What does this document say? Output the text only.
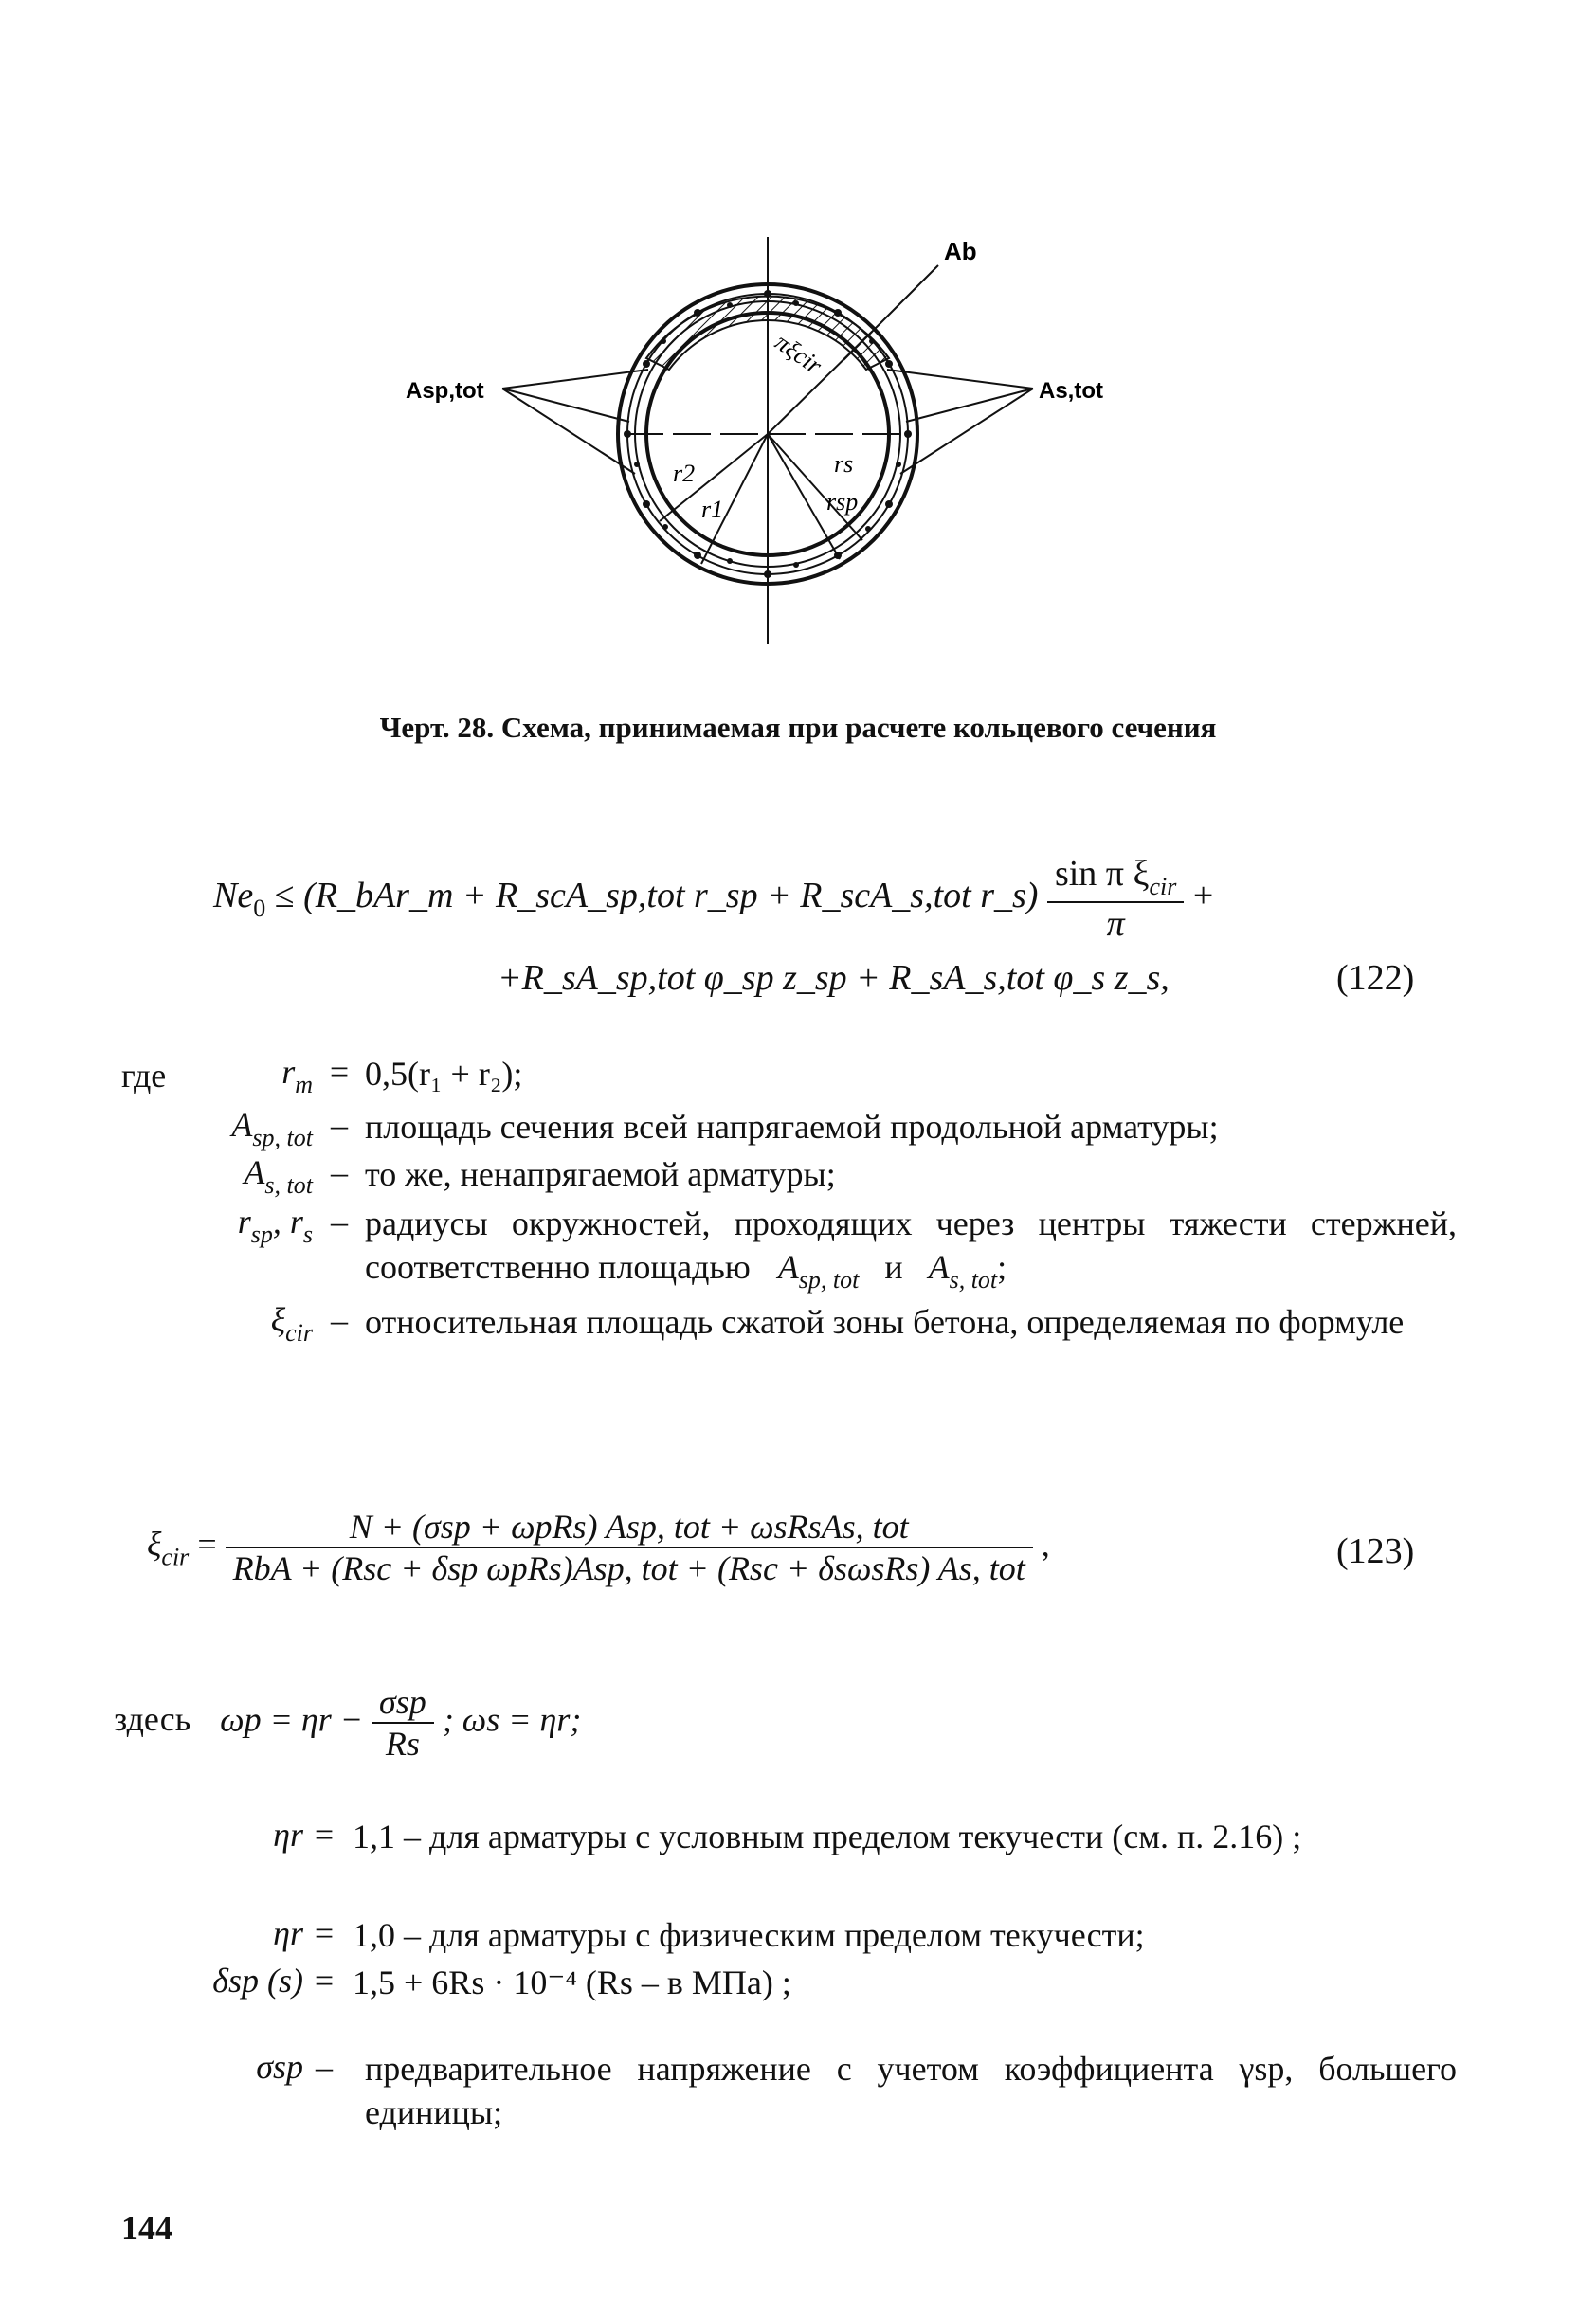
Ab
Asp,tot	As,tot
πξcir
r2
r1
rs
rsp
Черт. 28. Схема, принимаемая при расчете кольцевого сечения
$Ne_0$ ≤ (R_bAr_m + R_scA_sp,tot r_sp + R_scA_s,tot r_s) $\frac{\sin \pi \xi_{cir}}{\pi}$ +
+R_sA_sp,tot φ_sp z_sp + R_sA_s,tot φ_s z_s,	(122)
где	$r_m = 0,5(r_1 + r_2)$;
$A_{sp, tot}$ – площадь сечения всей напрягаемой продольной арматуры;
$A_{s, tot}$ – то же, ненапрягаемой арматуры;
$r_{sp}$, $r_s$ – радиусы окружностей, проходящих через центры тяжести стержней, соответственно площадью $A_{sp, tot}$ и $A_{s, tot}$;
$\xi_{cir}$ – относительная площадь сжатой зоны бетона, определяемая по формуле
$\xi_{cir} = \frac{\text{N + (σsp + ωpRs) Asp, tot + ωsRsAs, tot}}{\text{RbA + (Rsc + δsp ωpRs)Asp, tot + (Rsc + δsωsRs) As, tot}}$ ,	(123)
здесь $\omega p = \eta r - \frac{\text{σsp}}{Rs}$ ; ωs = ηr;
ηr = 1,1 – для арматуры с условным пределом текучести (см. п. 2.16) ;
ηr = 1,0 – для арматуры с физическим пределом текучести;
δsp (s) = 1,5 + 6Rs · 10⁻⁴ (Rs – в МПа) ;
σsp – предварительное напряжение с учетом коэффициента γsp, большего единицы;
144
